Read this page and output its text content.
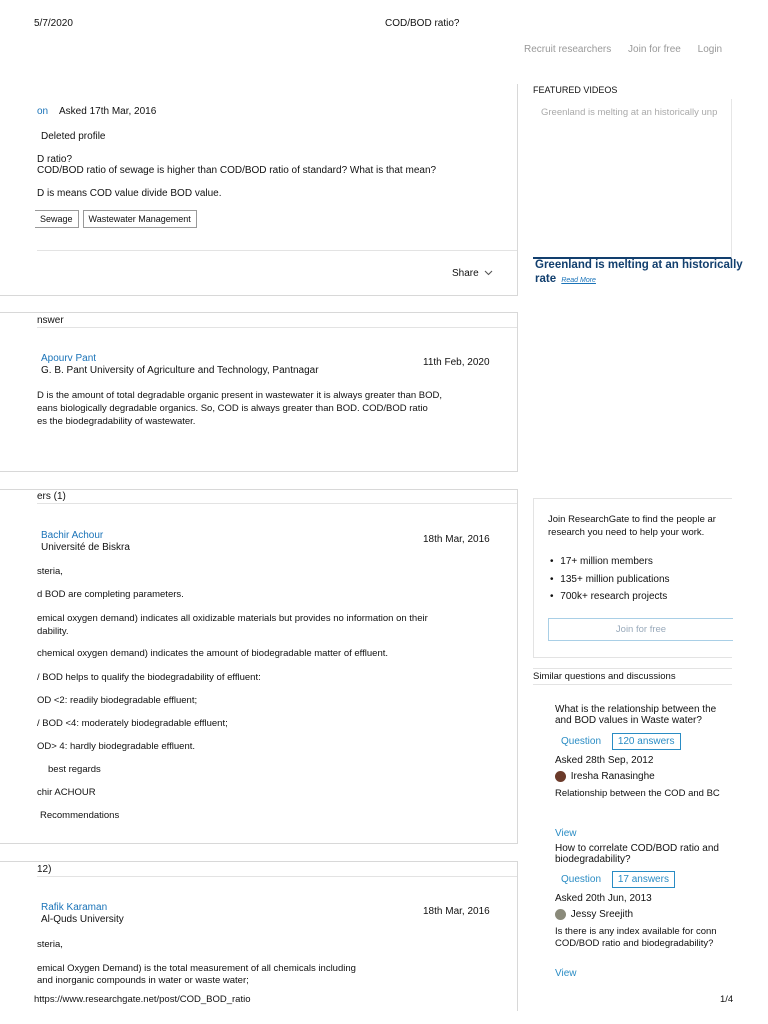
5/7/2020	COD/BOD ratio?
Recruit researchers Join for free Login
on Asked 17th Mar, 2016
Deleted profile
D ratio?
COD/BOD ratio of sewage is higher than COD/BOD ratio of standard? What is that mean?
D is means COD value divide BOD value.
Sewage Wastewater Management
Share
nswer
Apourv Pant
G. B. Pant University of Agriculture and Technology, Pantnagar
11th Feb, 2020
D is the amount of total degradable organic present in wastewater it is always greater than BOD,
eans biologically degradable organics. So, COD is always greater than BOD. COD/BOD ratio
es the biodegradability of wastewater.
ers (1)
Bachir Achour
Université de Biskra
18th Mar, 2016
steria,
d BOD are completing parameters.
emical oxygen demand) indicates all oxidizable materials but provides no information on their
dability.
chemical oxygen demand) indicates the amount of biodegradable matter of effluent.
/ BOD helps to qualify the biodegradability of effluent:
OD <2: readily biodegradable effluent;
/ BOD <4: moderately biodegradable effluent;
OD> 4: hardly biodegradable effluent.
best regards
chir ACHOUR
Recommendations
12)
Rafik Karaman
Al-Quds University
18th Mar, 2016
steria,
emical Oxygen Demand) is the total measurement of all chemicals including
and inorganic compounds in water or waste water;
FEATURED VIDEOS
Greenland is melting at an historically unp
Greenland is melting at an historically
rate Read More
Join ResearchGate to find the people ar
research you need to help your work.
• 17+ million members
• 135+ million publications
• 700k+ research projects
Join for free
Similar questions and discussions
What is the relationship between the
and BOD values in Waste water?
Question 120 answers
Asked 28th Sep, 2012
Iresha Ranasinghe
Relationship between the COD and BC
View
How to correlate COD/BOD ratio and
biodegradability?
Question 17 answers
Asked 20th Jun, 2013
Jessy Sreejith
Is there is any index available for conn
COD/BOD ratio and biodegradability?
View
https://www.researchgate.net/post/COD_BOD_ratio	1/4
